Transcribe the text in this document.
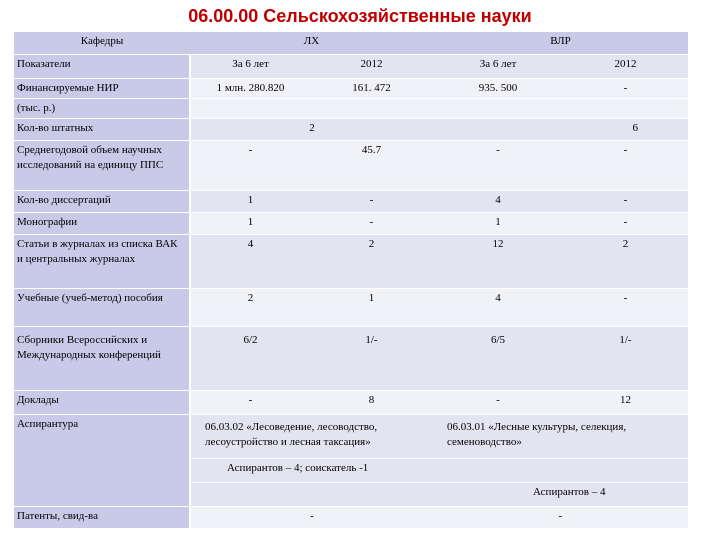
06.00.00 Сельскохозяйственные науки
Кафедры	ЛХ		ВЛР	
Показатели	За 6 лет	2012	За 6 лет	2012
Финансируемые НИР	1 млн. 280.820	161. 472	935. 500	-
(тыс. р.)				
Кол-во штатных	2		6	
Среднегодовой объем научных исследований на единицу ППС	-	45.7	-	-
Кол-во диссертаций	1	-	4	-
Монографии	1	-	1	-
Статьи в журналах из списка ВАК и центральных журналах	4	2	12	2
Учебные (учеб-метод) пособия	2	1	4	-
Сборники Всероссийских и Международных конференций	6/2	1/-	6/5	1/-
Доклады	-	8	-	12
Аспирантура	06.03.02 «Лесоведение, лесоводство, лесоустройство и лесная таксация»		06.03.01 «Лесные культуры, селекция, семеноводство»	
	Аспирантов – 4; соискатель -1			
			Аспирантов – 4	
Патенты, свид-ва	-		-	
